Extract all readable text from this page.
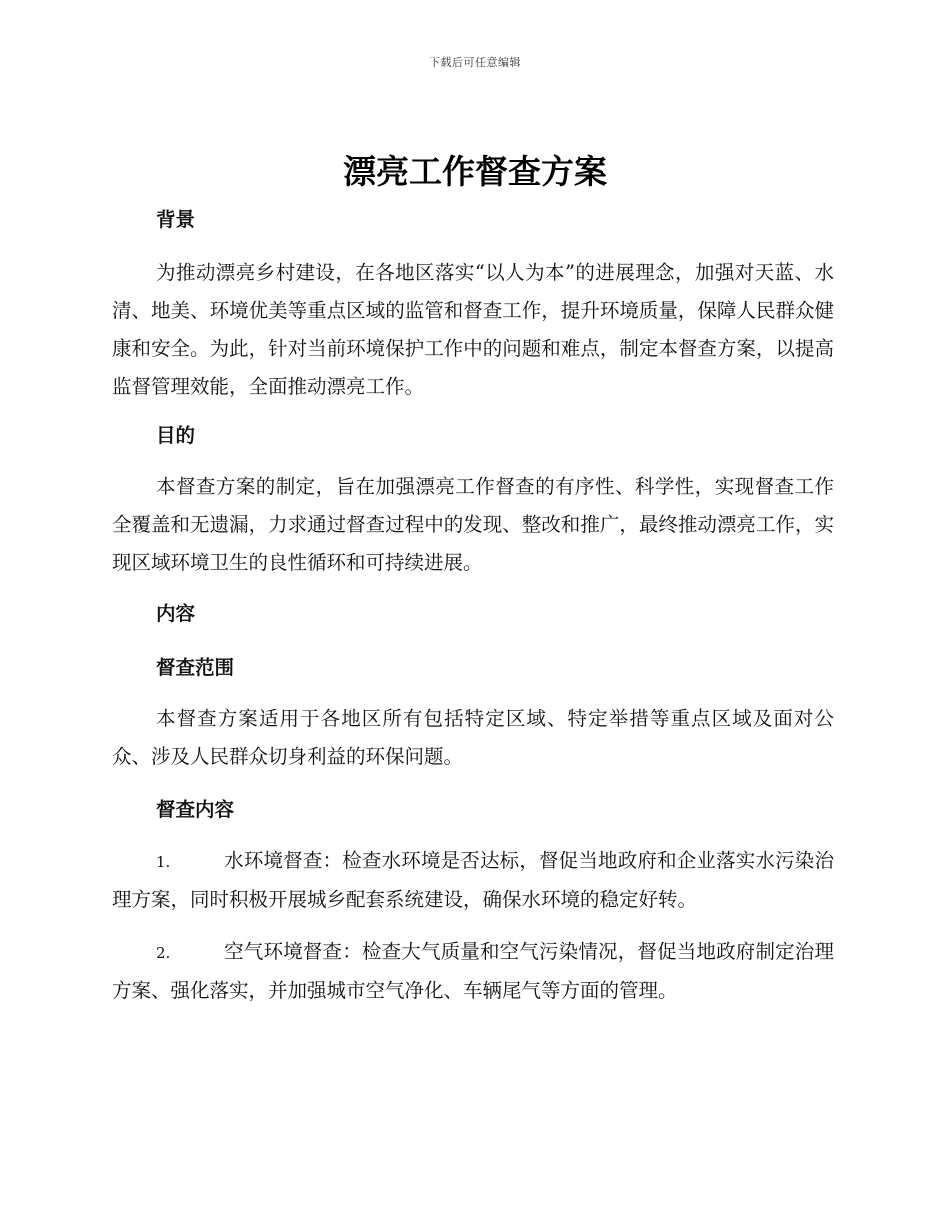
下载后可任意编辑
漂亮工作督查方案

背景

为推动漂亮乡村建设，在各地区落实“以人为本”的进展理念，加强对天蓝、水清、地美、环境优美等重点区域的监管和督查工作，提升环境质量，保障人民群众健康和安全。为此，针对当前环境保护工作中的问题和难点，制定本督查方案，以提高监督管理效能，全面推动漂亮工作。

目的

本督查方案的制定，旨在加强漂亮工作督查的有序性、科学性，实现督查工作全覆盖和无遗漏，力求通过督查过程中的发现、整改和推广，最终推动漂亮工作，实现区域环境卫生的良性循环和可持续进展。

内容

督查范围

本督查方案适用于各地区所有包括特定区域、特定举措等重点区域及面对公众、涉及人民群众切身利益的环保问题。

督查内容

1.	水环境督查：检查水环境是否达标，督促当地政府和企业落实水污染治理方案，同时积极开展城乡配套系统建设，确保水环境的稳定好转。

2.	空气环境督查：检查大气质量和空气污染情况，督促当地政府制定治理方案、强化落实，并加强城市空气净化、车辆尾气等方面的管理。
